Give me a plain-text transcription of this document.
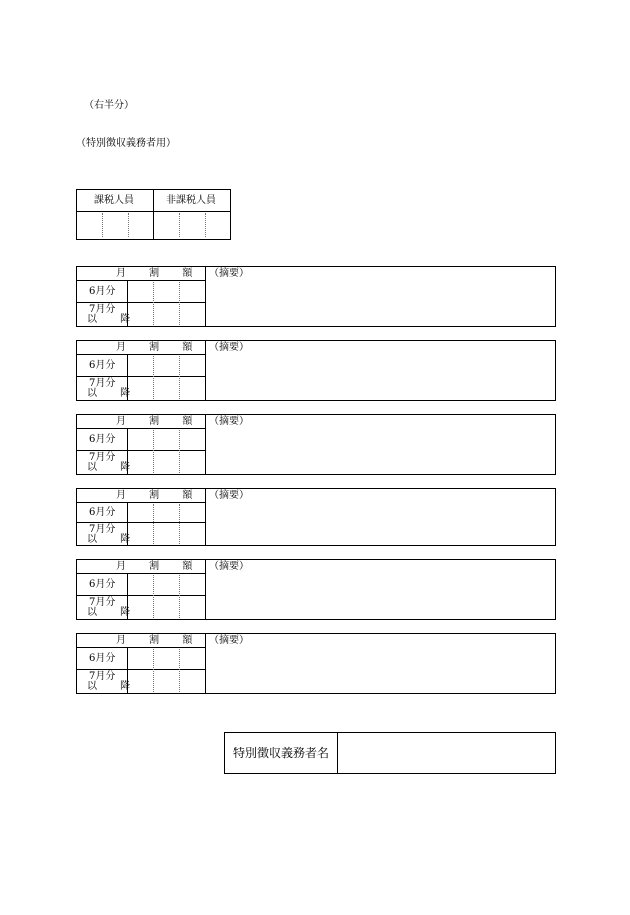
（右半分）
（特別徴収義務者用）
課税人員	非課税人員
月 割 額
6月分
7月分
以 降
（摘要）
月 割 額
6月分
7月分
以 降
（摘要）
月 割 額
6月分
7月分
以 降
（摘要）
月 割 額
6月分
7月分
以 降
（摘要）
月 割 額
6月分
7月分
以 降
（摘要）
月 割 額
6月分
7月分
以 降
（摘要）
特別徴収義務者名
